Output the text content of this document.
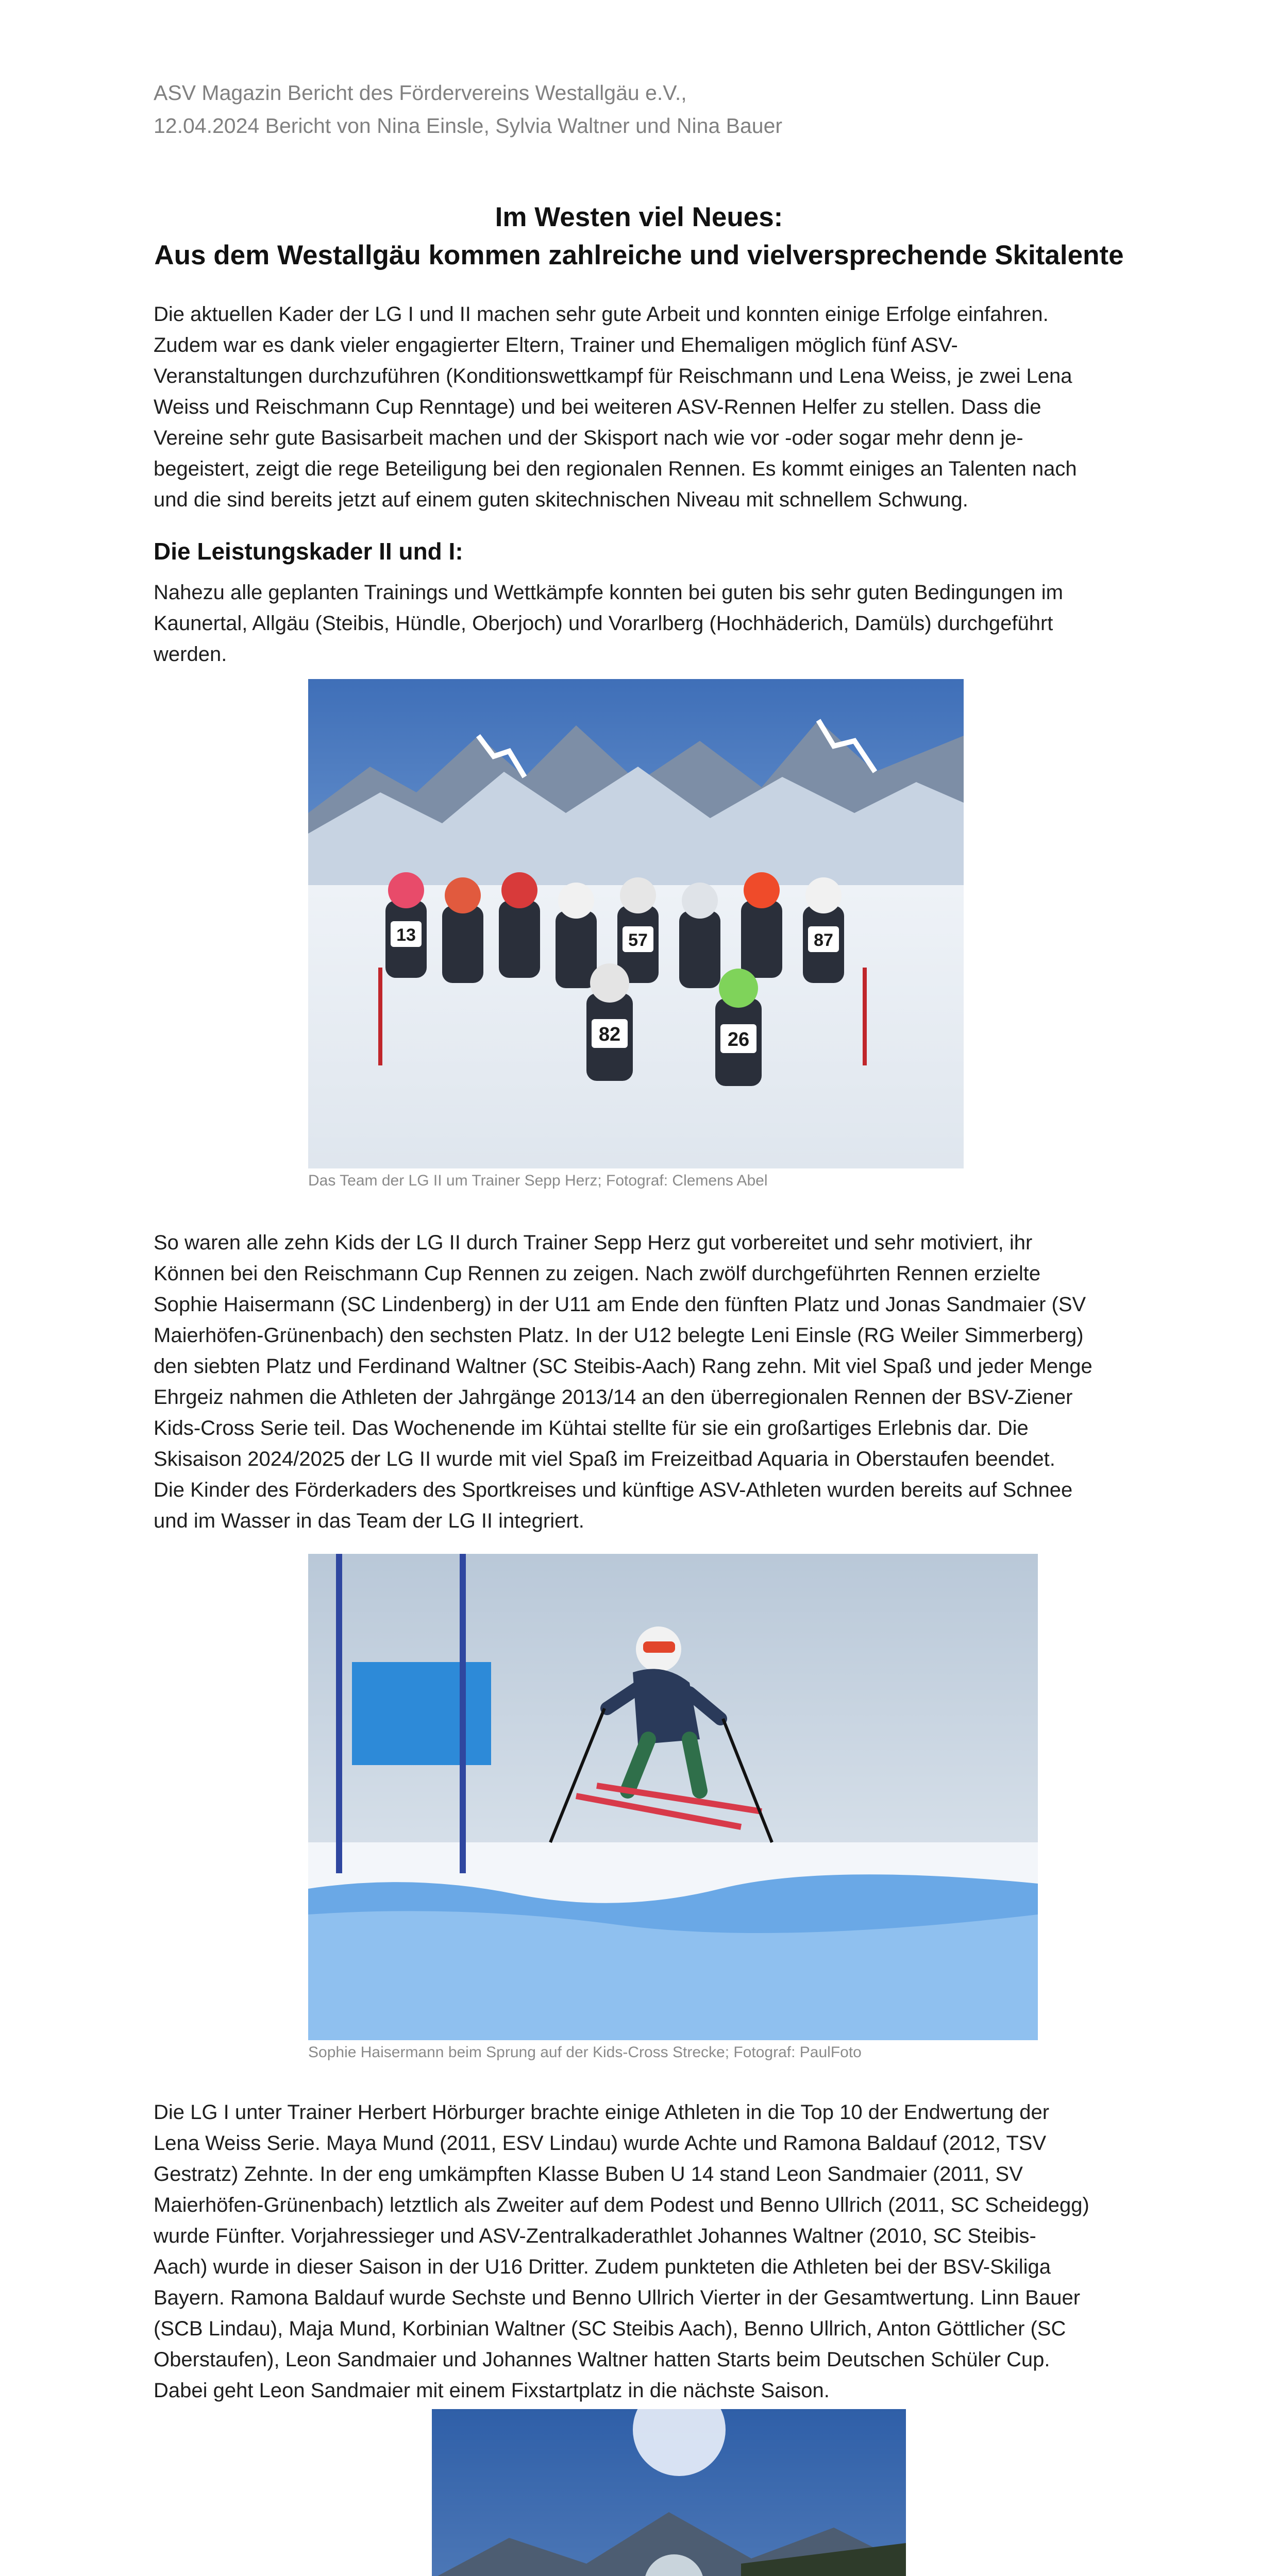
ASV Magazin Bericht des Fördervereins Westallgäu e.V.,
12.04.2024 Bericht von Nina Einsle, Sylvia Waltner und Nina Bauer
Im Westen viel Neues:
Aus dem Westallgäu kommen zahlreiche und vielversprechende Skitalente
Die aktuellen Kader der LG I und II machen sehr gute Arbeit und konnten einige Erfolge einfahren.
Zudem war es dank vieler engagierter Eltern, Trainer und Ehemaligen möglich fünf ASV-
Veranstaltungen durchzuführen (Konditionswettkampf für Reischmann und Lena Weiss, je zwei Lena
Weiss und Reischmann Cup Renntage) und bei weiteren ASV-Rennen Helfer zu stellen. Dass die
Vereine sehr gute Basisarbeit machen und der Skisport nach wie vor -oder sogar mehr denn je-
begeistert, zeigt die rege Beteiligung bei den regionalen Rennen. Es kommt einiges an Talenten nach
und die sind bereits jetzt auf einem guten skitechnischen Niveau mit schnellem Schwung.
Die Leistungskader II und I:
Nahezu alle geplanten Trainings und Wettkämpfe konnten bei guten bis sehr guten Bedingungen im
Kaunertal, Allgäu (Steibis, Hündle, Oberjoch) und Vorarlberg (Hochhäderich, Damüls) durchgeführt
werden.
13	57
82	26
87
Das Team der LG II um Trainer Sepp Herz; Fotograf: Clemens Abel
So waren alle zehn Kids der LG II durch Trainer Sepp Herz gut vorbereitet und sehr motiviert, ihr
Können bei den Reischmann Cup Rennen zu zeigen. Nach zwölf durchgeführten Rennen erzielte
Sophie Haisermann (SC Lindenberg) in der U11 am Ende den fünften Platz und Jonas Sandmaier (SV
Maierhöfen-Grünenbach) den sechsten Platz. In der U12 belegte Leni Einsle (RG Weiler Simmerberg)
den siebten Platz und Ferdinand Waltner (SC Steibis-Aach) Rang zehn. Mit viel Spaß und jeder Menge
Ehrgeiz nahmen die Athleten der Jahrgänge 2013/14 an den überregionalen Rennen der BSV-Ziener
Kids-Cross Serie teil. Das Wochenende im Kühtai stellte für sie ein großartiges Erlebnis dar. Die
Skisaison 2024/2025 der LG II wurde mit viel Spaß im Freizeitbad Aquaria in Oberstaufen beendet.
Die Kinder des Förderkaders des Sportkreises und künftige ASV-Athleten wurden bereits auf Schnee
und im Wasser in das Team der LG II integriert.
Sophie Haisermann beim Sprung auf der Kids-Cross Strecke; Fotograf: PaulFoto
Die LG I unter Trainer Herbert Hörburger brachte einige Athleten in die Top 10 der Endwertung der
Lena Weiss Serie. Maya Mund (2011, ESV Lindau) wurde Achte und Ramona Baldauf (2012, TSV
Gestratz) Zehnte. In der eng umkämpften Klasse Buben U 14 stand Leon Sandmaier (2011, SV
Maierhöfen-Grünenbach) letztlich als Zweiter auf dem Podest und Benno Ullrich (2011, SC Scheidegg)
wurde Fünfter. Vorjahressieger und ASV-Zentralkaderathlet Johannes Waltner (2010, SC Steibis-
Aach) wurde in dieser Saison in der U16 Dritter. Zudem punkteten die Athleten bei der BSV-Skiliga
Bayern. Ramona Baldauf wurde Sechste und Benno Ullrich Vierter in der Gesamtwertung. Linn Bauer
(SCB Lindau), Maja Mund, Korbinian Waltner (SC Steibis Aach), Benno Ullrich, Anton Göttlicher (SC
Oberstaufen), Leon Sandmaier und Johannes Waltner hatten Starts beim Deutschen Schüler Cup.
Dabei geht Leon Sandmaier mit einem Fixstartplatz in die nächste Saison.
